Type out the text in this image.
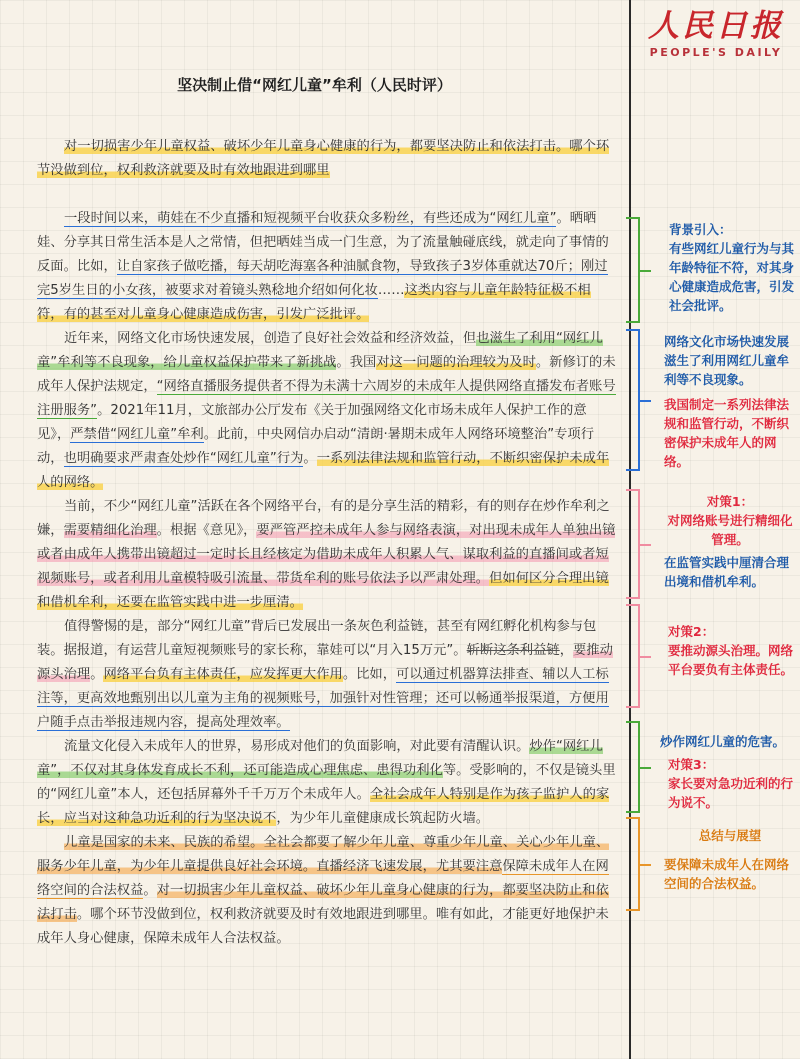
人民日报
PEOPLE'S DAILY
坚决制止借“网红儿童”牟利（人民时评）

对一切损害少年儿童权益、破坏少年儿童身心健康的行为，都要坚决防止和依法打击。哪个环节没做到位，权利救济就要及时有效地跟进到哪里

一段时间以来，萌娃在不少直播和短视频平台收获众多粉丝，有些还成为“网红儿童”。晒晒娃、分享其日常生活本是人之常情，但把晒娃当成一门生意，为了流量触碰底线，就走向了事情的反面。比如，让自家孩子做吃播，每天胡吃海塞各种油腻食物，导致孩子3岁体重就达70斤；刚过完5岁生日的小女孩，被要求对着镜头熟稔地介绍如何化妆……这类内容与儿童年龄特征极不相符，有的甚至对儿童身心健康造成伤害，引发广泛批评。

近年来，网络文化市场快速发展，创造了良好社会效益和经济效益，但也滋生了利用“网红儿童”牟利等不良现象，给儿童权益保护带来了新挑战。我国对这一问题的治理较为及时。新修订的未成年人保护法规定，“网络直播服务提供者不得为未满十六周岁的未成年人提供网络直播发布者账号注册服务”。2021年11月，文旅部办公厅发布《关于加强网络文化市场未成年人保护工作的意见》，严禁借“网红儿童”牟利。此前，中央网信办启动“清朗·暑期未成年人网络环境整治”专项行动，也明确要求严肃查处炒作“网红儿童”行为。一系列法律法规和监管行动，不断织密保护未成年人的网络。

当前，不少“网红儿童”活跃在各个网络平台，有的是分享生活的精彩，有的则存在炒作牟利之嫌，需要精细化治理。根据《意见》，要严管严控未成年人参与网络表演，对出现未成年人单独出镜或者由成年人携带出镜超过一定时长且经核定为借助未成年人积累人气、谋取利益的直播间或者短视频账号，或者利用儿童模特吸引流量、带货牟利的账号依法予以严肃处理。但如何区分合理出镜和借机牟利，还要在监管实践中进一步厘清。

值得警惕的是，部分“网红儿童”背后已发展出一条灰色利益链，甚至有网红孵化机构参与包装。据报道，有运营儿童短视频账号的家长称，靠娃可以“月入15万元”。斩断这条利益链，要推动源头治理。网络平台负有主体责任，应发挥更大作用。比如，可以通过机器算法排查、辅以人工标注等，更高效地甄别出以儿童为主角的视频账号，加强针对性管理；还可以畅通举报渠道，方便用户随手点击举报违规内容，提高处理效率。

流量文化侵入未成年人的世界，易形成对他们的负面影响，对此要有清醒认识。炒作“网红儿童”，不仅对其身体发育成长不利，还可能造成心理焦虑、患得功利化等。受影响的，不仅是镜头里的“网红儿童”本人，还包括屏幕外千千万万个未成年人。全社会成年人特别是作为孩子监护人的家长，应当对这种急功近利的行为坚决说不，为少年儿童健康成长筑起防火墙。

儿童是国家的未来、民族的希望。全社会都要了解少年儿童、尊重少年儿童、关心少年儿童、服务少年儿童，为少年儿童提供良好社会环境。直播经济飞速发展，尤其要注意保障未成年人在网络空间的合法权益。对一切损害少年儿童权益、破坏少年儿童身心健康的行为，都要坚决防止和依法打击。哪个环节没做到位，权利救济就要及时有效地跟进到哪里。唯有如此，才能更好地保护未成年人身心健康，保障未成年人合法权益。

背景引入：
有些网红儿童行为与其年龄特征不符，对其身心健康造成危害，引发社会批评。
网络文化市场快速发展滋生了利用网红儿童牟利等不良现象。
我国制定一系列法律法规和监管行动，不断织密保护未成年人的网络。
对策1：
对网络账号进行精细化管理。
在监管实践中厘清合理出境和借机牟利。
对策2：
要推动源头治理。网络平台要负有主体责任。
炒作网红儿童的危害。
对策3：
家长要对急功近利的行为说不。
总结与展望
要保障未成年人在网络空间的合法权益。
